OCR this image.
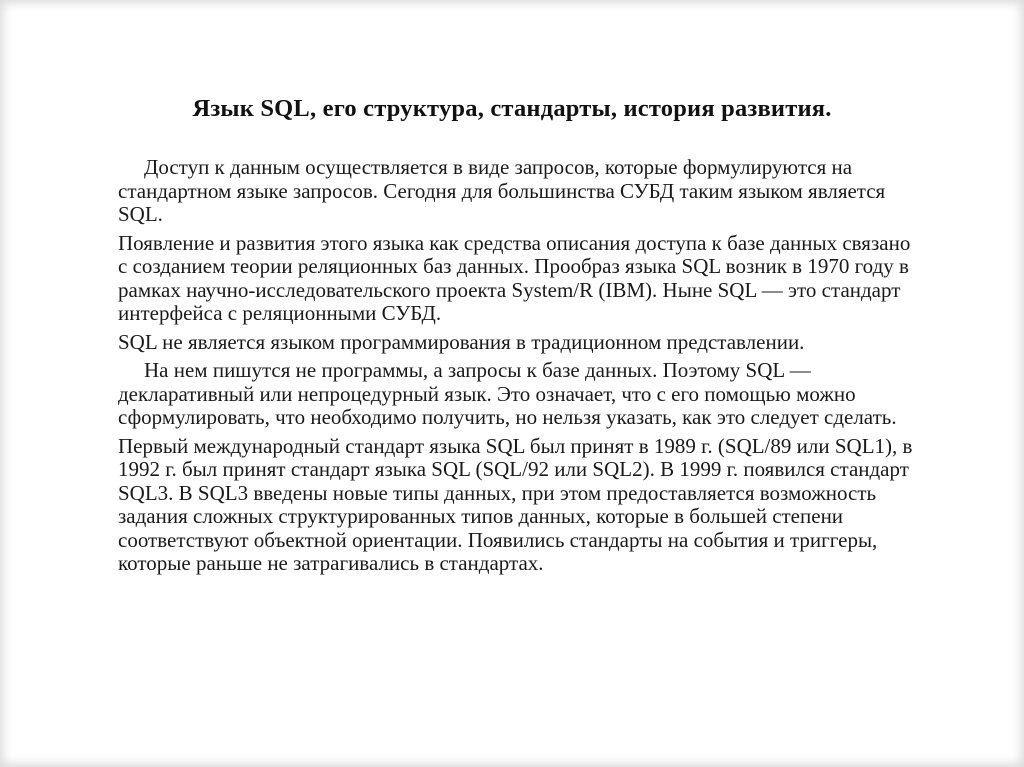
Язык SQL, его структура, стандарты, история развития.

Доступ к данным осуществляется в виде запросов, которые формулируются на стандартном языке запросов. Сегодня для большинства СУБД таким языком является SQL.

Появление и развития этого языка как средства описания доступа к базе данных связано с созданием теории реляционных баз данных. Прообраз языка SQL возник в 1970 году в рамках научно-исследовательского проекта System/R (IBM). Ныне SQL — это стандарт интерфейса с реляционными СУБД.

SQL не является языком программирования в традиционном представлении.

На нем пишутся не программы, а запросы к базе данных. Поэтому SQL — декларативный или непроцедурный язык. Это означает, что с его помощью можно сформулировать, что необходимо получить, но нельзя указать, как это следует сделать.

Первый международный стандарт языка SQL был принят в 1989 г. (SQL/89 или SQL1), в 1992 г. был принят стандарт языка SQL (SQL/92 или SQL2). В 1999 г. появился стандарт SQL3. В SQL3 введены новые типы данных, при этом предоставляется возможность задания сложных структурированных типов данных, которые в большей степени соответствуют объектной ориентации. Появились стандарты на события и триггеры, которые раньше не затрагивались в стандартах.
